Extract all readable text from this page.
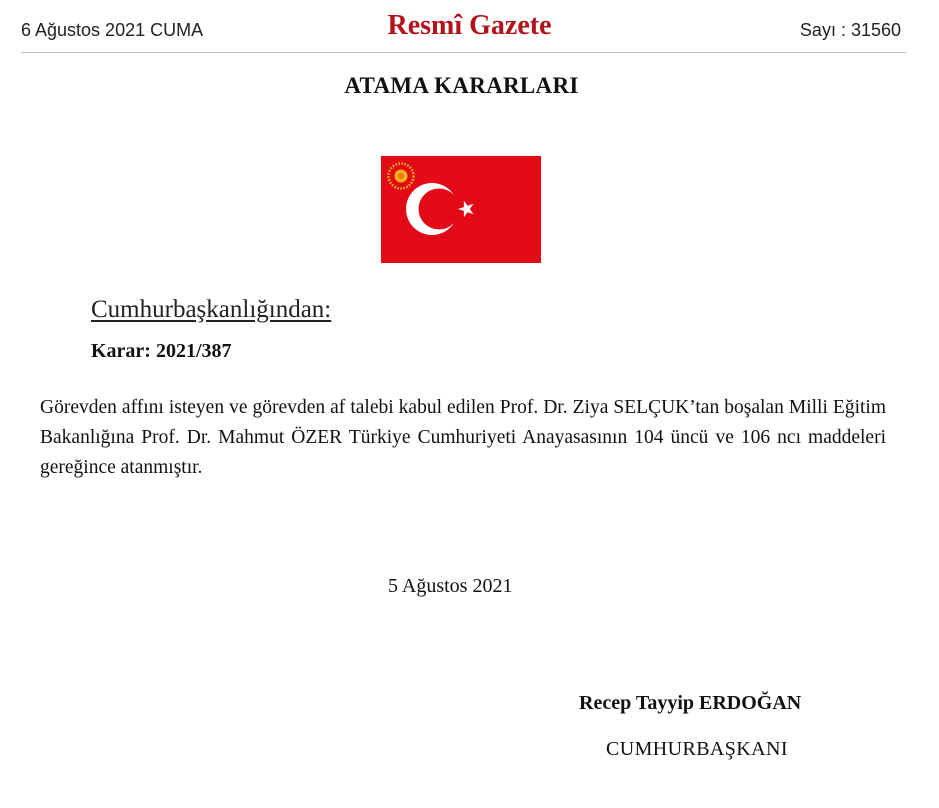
6 Ağustos 2021 CUMA	Resmî Gazete	Sayı : 31560
ATAMA KARARLARI
Cumhurbaşkanlığından:
Karar: 2021/387
Görevden affını isteyen ve görevden af talebi kabul edilen Prof. Dr. Ziya SELÇUK’tan boşalan Milli Eğitim Bakanlığına Prof. Dr. Mahmut ÖZER Türkiye Cumhuriyeti Anayasasının 104 üncü ve 106 ncı maddeleri gereğince atanmıştır.
5 Ağustos 2021
Recep Tayyip ERDOĞAN
CUMHURBAŞKANI
